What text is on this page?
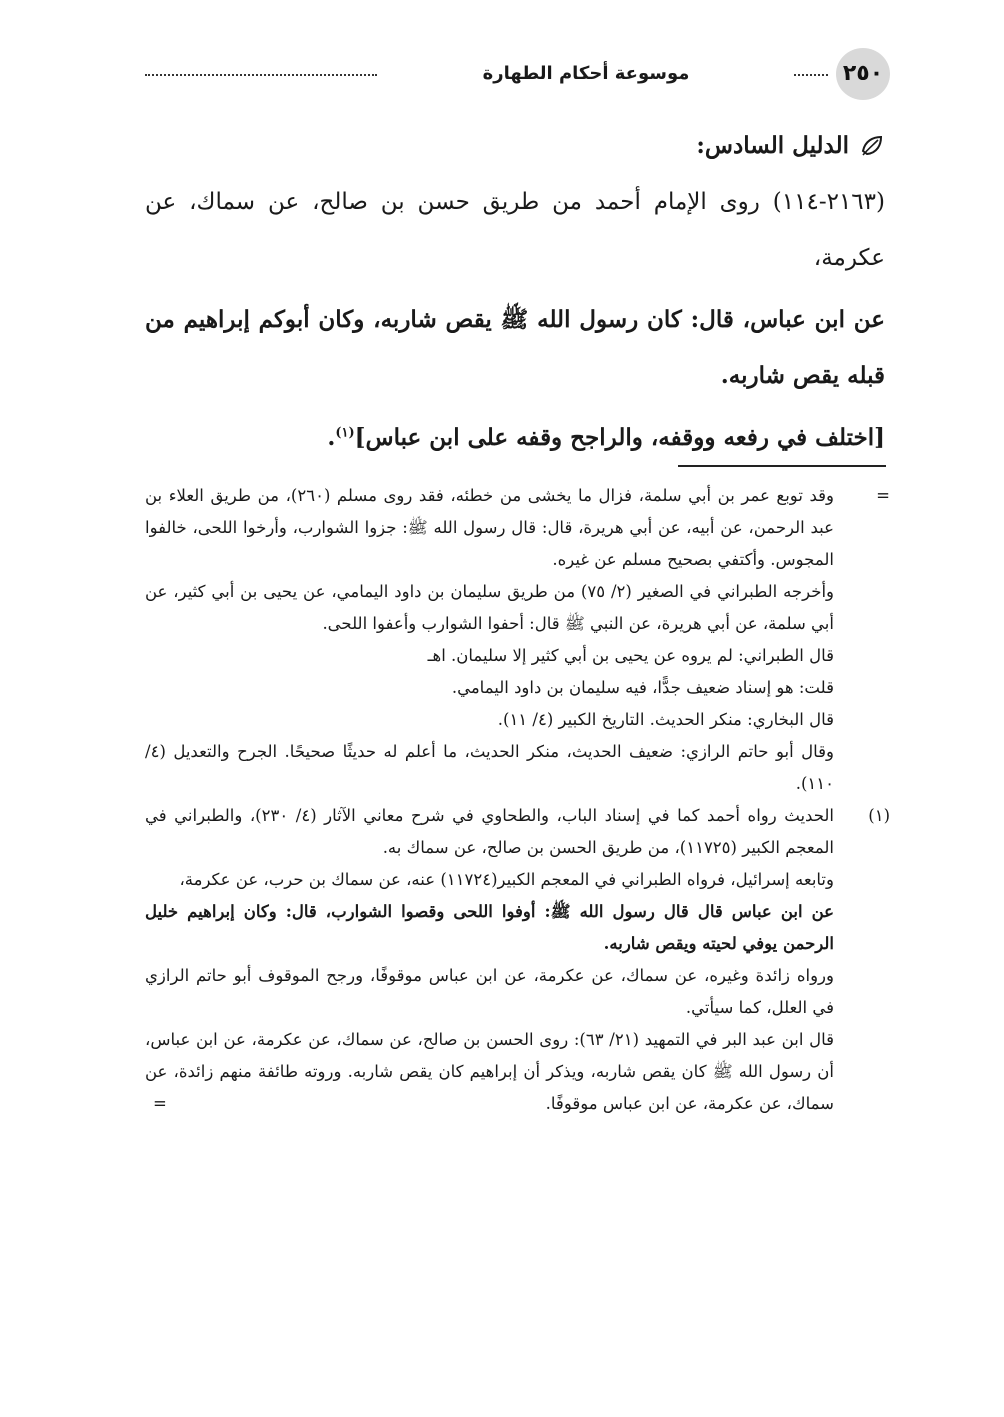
٢٥٠
موسوعة أحكام الطهارة
الدليل السادس:

(٢١٦٣-١١٤) روى الإمام أحمد من طريق حسن بن صالح، عن سماك، عن عكرمة،

عن ابن عباس، قال: كان رسول الله ﷺ يقص شاربه، وكان أبوكم إبراهيم من قبله يقص شاربه.

[اختلف في رفعه ووقفه، والراجح وقفه على ابن عباس]$^{(١)}$.

=

وقد توبع عمر بن أبي سلمة، فزال ما يخشى من خطئه، فقد روى مسلم (٢٦٠)، من طريق العلاء بن عبد الرحمن، عن أبيه، عن أبي هريرة، قال: قال رسول الله ﷺ: جزوا الشوارب، وأرخوا اللحى، خالفوا المجوس. وأكتفي بصحيح مسلم عن غيره.

وأخرجه الطبراني في الصغير (٢/ ٧٥) من طريق سليمان بن داود اليمامي، عن يحيى بن أبي كثير، عن أبي سلمة، عن أبي هريرة، عن النبي ﷺ قال: أحفوا الشوارب وأعفوا اللحى.

قال الطبراني: لم يروه عن يحيى بن أبي كثير إلا سليمان. اهـ

قلت: هو إسناد ضعيف جدًّا، فيه سليمان بن داود اليمامي.

قال البخاري: منكر الحديث. التاريخ الكبير (٤/ ١١).

وقال أبو حاتم الرازي: ضعيف الحديث، منكر الحديث، ما أعلم له حديثًا صحيحًا. الجرح والتعديل (٤/ ١١٠).

(١)

الحديث رواه أحمد كما في إسناد الباب، والطحاوي في شرح معاني الآثار (٤/ ٢٣٠)، والطبراني في المعجم الكبير (١١٧٢٥)، من طريق الحسن بن صالح، عن سماك به.

وتابعه إسرائيل، فرواه الطبراني في المعجم الكبير(١١٧٢٤) عنه، عن سماك بن حرب، عن عكرمة،

عن ابن عباس قال قال رسول الله ﷺ: أوفوا اللحى وقصوا الشوارب، قال: وكان إبراهيم خليل الرحمن يوفي لحيته ويقص شاربه.

ورواه زائدة وغيره، عن سماك، عن عكرمة، عن ابن عباس موقوفًا، ورجح الموقوف أبو حاتم الرازي في العلل، كما سيأتي.

قال ابن عبد البر في التمهيد (٢١/ ٦٣): روى الحسن بن صالح، عن سماك، عن عكرمة، عن ابن عباس، أن رسول الله ﷺ كان يقص شاربه، ويذكر أن إبراهيم كان يقص شاربه. وروته طائفة منهم زائدة، عن سماك، عن عكرمة، عن ابن عباس موقوفًا.
=
